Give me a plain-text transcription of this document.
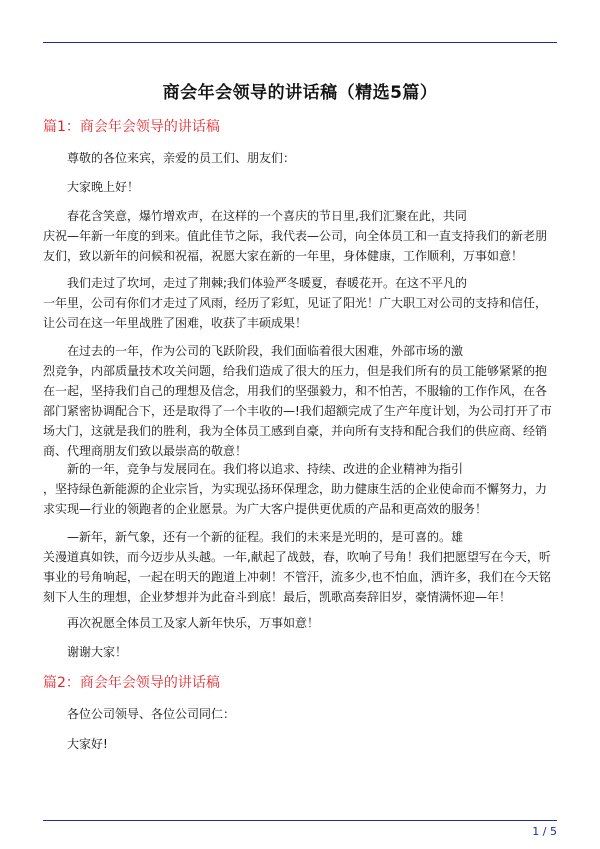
商会年会领导的讲话稿（精选5篇）
篇1：商会年会领导的讲话稿
尊敬的各位来宾，亲爱的员工们、朋友们：
大家晚上好！
春花含笑意，爆竹增欢声，在这样的一个喜庆的节日里,我们汇聚在此，共同
庆祝—年新一年度的到来。值此佳节之际，我代表—公司，向全体员工和一直支持我们的新老朋
友们，致以新年的问候和祝福，祝愿大家在新的一年里，身体健康，工作顺利，万事如意！
我们走过了坎坷，走过了荆棘;我们体验严冬暖夏，春暖花开。在这不平凡的
一年里，公司有你们才走过了风雨，经历了彩虹，见证了阳光！广大职工对公司的支持和信任，
让公司在这一年里战胜了困难，收获了丰硕成果！
在过去的一年，作为公司的飞跃阶段，我们面临着很大困难，外部市场的激
烈竞争，内部质量技术攻关问题，给我们造成了很大的压力，但是我们所有的员工能够紧紧的抱
在一起，坚持我们自己的理想及信念，用我们的坚强毅力，和不怕苦，不服输的工作作风，在各
部门紧密协调配合下，还是取得了一个丰收的—!我们超额完成了生产年度计划，为公司打开了市
场大门，这就是我们的胜利，我为全体员工感到自豪，并向所有支持和配合我们的供应商、经销
商、代理商朋友们致以最崇高的敬意！
新的一年，竞争与发展同在。我们将以追求、持续、改进的企业精神为指引
，坚持绿色新能源的企业宗旨，为实现弘扬环保理念，助力健康生活的企业使命而不懈努力，力
求实现—行业的领跑者的企业愿景。为广大客户提供更优质的产品和更高效的服务！
—新年，新气象，还有一个新的征程。我们的未来是光明的，是可喜的。雄
关漫道真如铁，而今迈步从头越。一年,献起了战鼓，春，吹响了号角！我们把愿望写在今天，听
事业的号角响起，一起在明天的跑道上冲刺！不管汗，流多少,也不怕血，洒许多，我们在今天铭
刻下人生的理想，企业梦想并为此奋斗到底！最后，凯歌高奏辞旧岁，豪情满怀迎—年！
再次祝愿全体员工及家人新年快乐，万事如意！
谢谢大家！
篇2：商会年会领导的讲话稿
各位公司领导、各位公司同仁：
大家好!
1 / 5
